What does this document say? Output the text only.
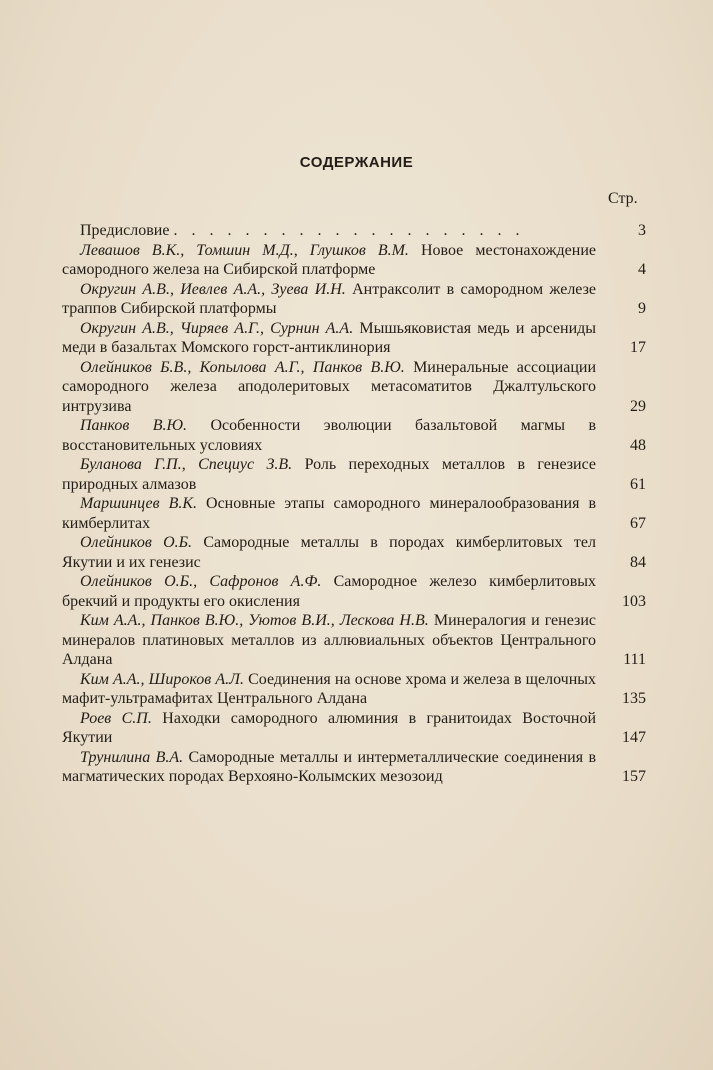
СОДЕРЖАНИЕ
Стр.
Предисловие . . . . . . . . . . . . . . . . . . . .	3
Левашов В.К., Томшин М.Д., Глушков В.М. Новое местонахождение самородного железа на Сибирской платформе	4
Округин А.В., Иевлев А.А., Зуева И.Н. Антраксолит в самородном железе траппов Сибирской платформы	9
Округин А.В., Чиряев А.Г., Сурнин А.А. Мышьяковистая медь и арсениды меди в базальтах Момского горст-антиклинория	17
Олейников Б.В., Копылова А.Г., Панков В.Ю. Минеральные ассоциации самородного железа аподолеритовых метасоматитов Джалтульского интрузива	29
Панков В.Ю. Особенности эволюции базальтовой магмы в восстановительных условиях	48
Буланова Г.П., Специус З.В. Роль переходных металлов в генезисе природных алмазов	61
Маршинцев В.К. Основные этапы самородного минералообразования в кимберлитах	67
Олейников О.Б. Самородные металлы в породах кимберлитовых тел Якутии и их генезис	84
Олейников О.Б., Сафронов А.Ф. Самородное железо кимберлитовых брекчий и продукты его окисления	103
Ким А.А., Панков В.Ю., Уютов В.И., Лескова Н.В. Минералогия и генезис минералов платиновых металлов из аллювиальных объектов Центрального Алдана	111
Ким А.А., Широков А.Л. Соединения на основе хрома и железа в щелочных мафит-ультрамафитах Центрального Алдана	135
Роев С.П. Находки самородного алюминия в гранитоидах Восточной Якутии	147
Трунилина В.А. Самородные металлы и интерметаллические соединения в магматических породах Верхояно-Колымских мезозоид	157
